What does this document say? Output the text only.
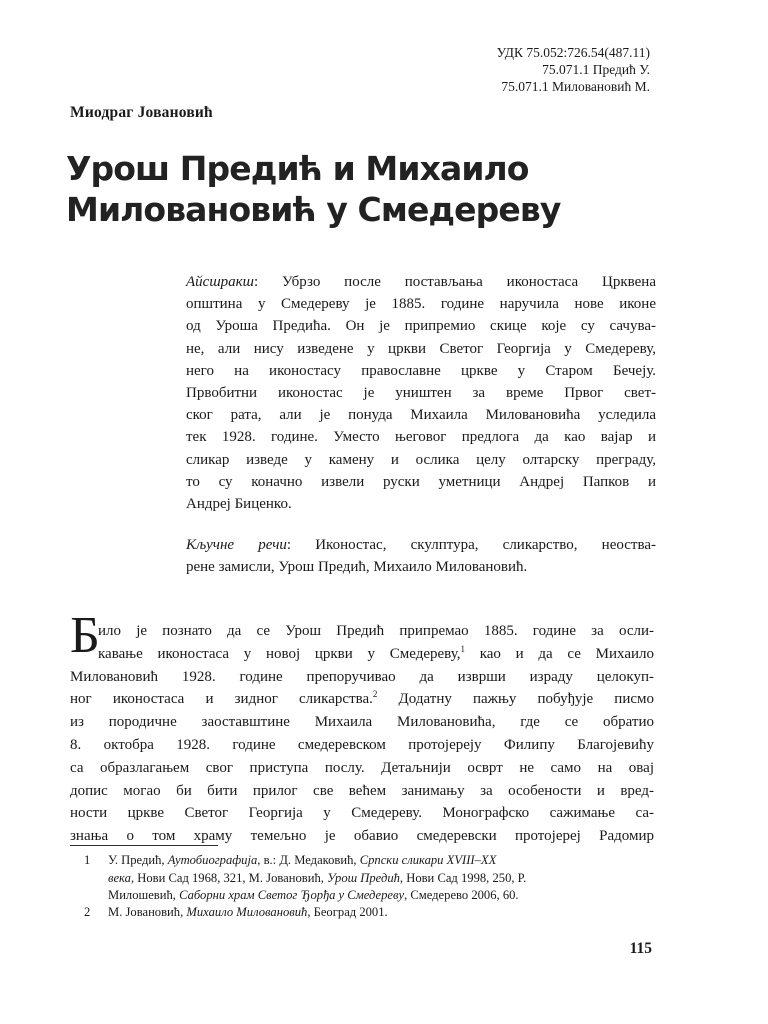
УДК 75.052:726.54(487.11)
75.071.1 Предић У.
75.071.1 Миловановић М.
Миодраг Јовановић
Урош Предић и Михаило
Миловановић у Смедереву
Айсшракш: Убрзо после постављања иконостаса Црквена
општина у Смедереву је 1885. године наручила нове иконе
од Уроша Предића. Он је припремио скице које су сачува-
не, али нису изведене у цркви Светог Георгија у Смедереву,
него на иконостасу православне цркве у Старом Бечеју.
Првобитни иконостас је уништен за време Првог свет-
ског рата, али је понуда Михаила Миловановића уследила
тек 1928. године. Уместо његовог предлога да као вајар и
сликар изведе у камену и ослика целу олтарску преграду,
то су коначно извели руски уметници Андреј Папков и
Андреј Биценко.
Кључне речи: Иконостас, скулптура, сликарство, неоства-
рене замисли, Урош Предић, Михаило Миловановић.
Б
ило је познато да се Урош Предић припремао 1885. године за осли-
кавање иконостаса у новој цркви у Смедереву,$^1$ као и да се Михаило
Миловановић 1928. године препоручивао да изврши израду целокуп-
ног иконостаса и зидног сликарства.$^2$ Додатну пажњу побуђује писмо
из породичне заоставштине Михаила Миловановића, где се обратио
8. октобра 1928. године смедеревском протојереју Филипу Благојевићу
са образлагањем свог приступа послу. Детаљнији осврт не само на овај
допис могао би бити прилог све већем занимању за особености и вред-
ности цркве Светог Георгија у Смедереву. Монографско сажимање са-
знања о том храму темељно је обавио смедеревски протојереј Радомир
1 У. Предић, Аутобиографија, в.: Д. Медаковић, Српски сликари XVIII–XX
века, Нови Сад 1968, 321, М. Јовановић, Урош Предић, Нови Сад 1998, 250, Р.
Милошевић, Саборни храм Светог Ђорђа у Смедереву, Смедерево 2006, 60.
2 М. Јовановић, Михаило Миловановић, Београд 2001.
115
